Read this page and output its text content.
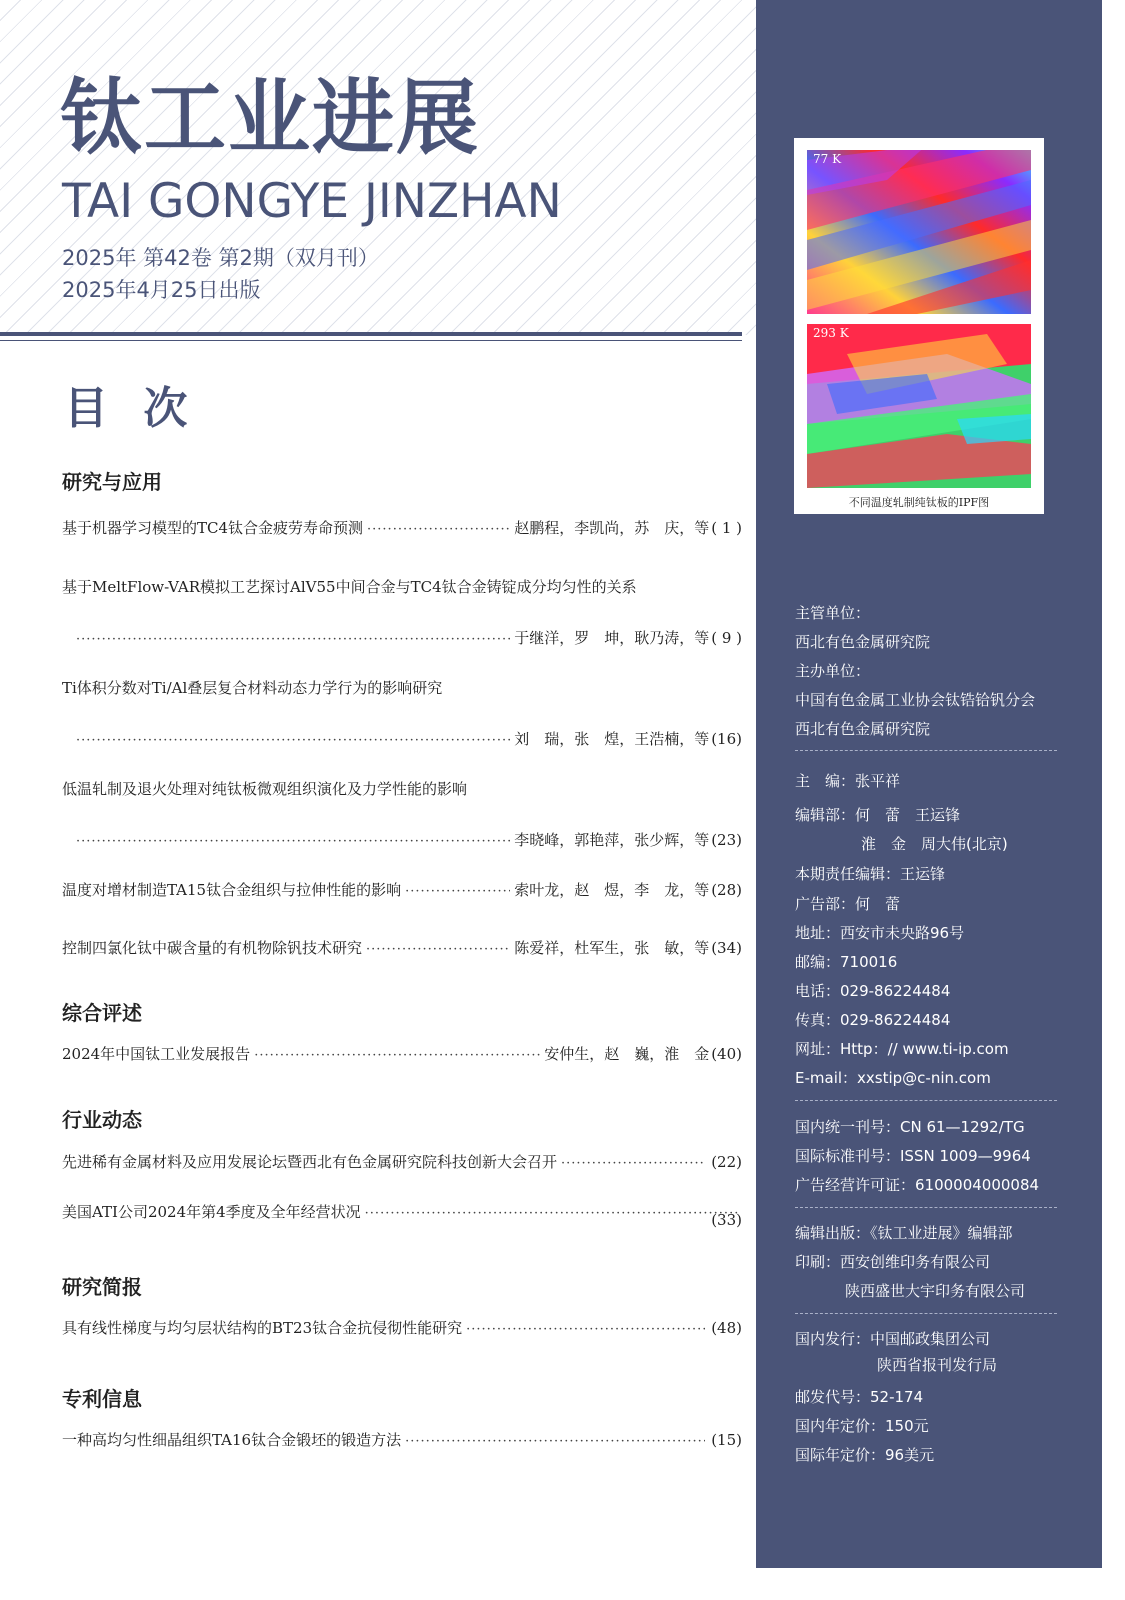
钛工业进展
TAI GONGYE JINZHAN
2025年 第42卷 第2期（双月刊）
2025年4月25日出版
目 次
研究与应用
基于机器学习模型的TC4钛合金疲劳寿命预测 ·····	赵鹏程，李凯尚，苏　庆，等 ( 1 )
基于MeltFlow-VAR模拟工艺探讨AlV55中间合金与TC4钛合金铸锭成分均匀性的关系
·····
于继洋，罗　坤，耿乃涛，等 ( 9 )
Ti体积分数对Ti/Al叠层复合材料动态力学行为的影响研究
·····
刘　瑞，张　煌，王浩楠，等 (16)
低温轧制及退火处理对纯钛板微观组织演化及力学性能的影响
·····
李晓峰，郭艳萍，张少辉，等 (23)
温度对增材制造TA15钛合金组织与拉伸性能的影响 ·····	索叶龙，赵　煜，李　龙，等 (28)
控制四氯化钛中碳含量的有机物除钒技术研究 ·····	陈爱祥，杜军生，张　敏，等 (34)
综合评述
2024年中国钛工业发展报告 ·····	安仲生，赵　巍，淮　金 (40)
行业动态
先进稀有金属材料及应用发展论坛暨西北有色金属研究院科技创新大会召开 ·····	(22)
美国ATI公司2024年第4季度及全年经营状况 ·····	(33)
研究简报
具有线性梯度与均匀层状结构的BT23钛合金抗侵彻性能研究 ·····	(48)
专利信息
一种高均匀性细晶组织TA16钛合金锻坯的锻造方法 ·····	(15)
77 K
293 K
不同温度轧制纯钛板的IPF图
主管单位：
西北有色金属研究院
主办单位：
中国有色金属工业协会钛锆铪钒分会
西北有色金属研究院
主　编：张平祥
编辑部：何　蕾　王运锋
淮　金　周大伟(北京)
本期责任编辑：王运锋
广告部：何　蕾
地址：西安市未央路96号
邮编：710016
电话：029-86224484
传真：029-86224484
网址：Http：// www.ti-ip.com
E-mail：xxstip@c-nin.com
国内统一刊号：CN 61—1292/TG
国际标准刊号：ISSN 1009—9964
广告经营许可证：6100004000084
编辑出版：《钛工业进展》编辑部
印刷：西安创维印务有限公司
陕西盛世大宇印务有限公司
国内发行：中国邮政集团公司
陕西省报刊发行局
邮发代号：52-174
国内年定价：150元
国际年定价：96美元
